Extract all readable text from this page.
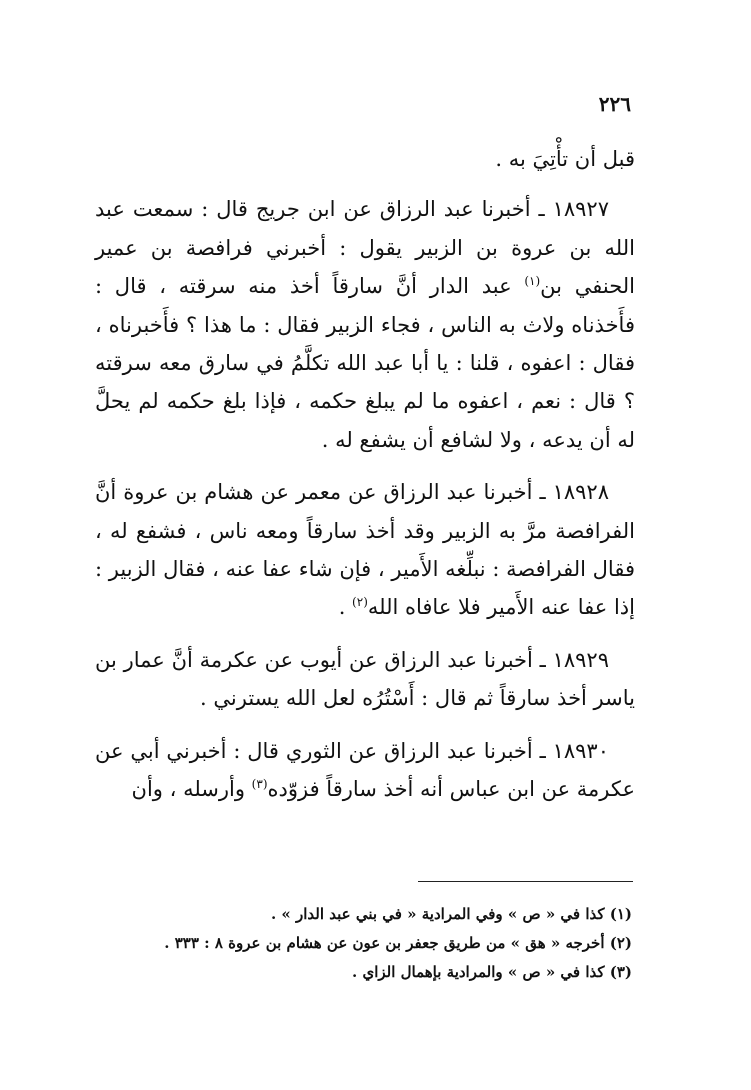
٢٢٦

قبل أن تأْتِيَ به .

١٨٩٢٧ ـ أخبرنا عبد الرزاق عن ابن جريج قال : سمعت عبد الله بن عروة بن الزبير يقول : أخبرني فرافصة بن عمير الحنفي بن$^{(١)}$ عبد الدار أنَّ سارقاً أخذ منه سرقته ، قال : فأَخذناه ولاث به الناس ، فجاء الزبير فقال : ما هذا ؟ فأَخبرناه ، فقال : اعفوه ، قلنا : يا أبا عبد الله تكلَّمُ في سارق معه سرقته ؟ قال : نعم ، اعفوه ما لم يبلغ حكمه ، فإذا بلغ حكمه لم يحلَّ له أن يدعه ، ولا لشافع أن يشفع له .

١٨٩٢٨ ـ أخبرنا عبد الرزاق عن معمر عن هشام بن عروة أنَّ الفرافصة مرَّ به الزبير وقد أخذ سارقاً ومعه ناس ، فشفع له ، فقال الفرافصة : نبلِّغه الأَمير ، فإن شاء عفا عنه ، فقال الزبير : إذا عفا عنه الأَمير فلا عافاه الله$^{(٢)}$ .

١٨٩٢٩ ـ أخبرنا عبد الرزاق عن أيوب عن عكرمة أنَّ عمار بن ياسر أخذ سارقاً ثم قال : أَسْتُرُه لعل الله يسترني .

١٨٩٣٠ ـ أخبرنا عبد الرزاق عن الثوري قال : أخبرني أبي عن عكرمة عن ابن عباس أنه أخذ سارقاً فزوّده$^{(٣)}$ وأرسله ، وأن

(١) كذا في « ص » وفي المرادية « في بني عبد الدار » .

(٢) أخرجه « هق » من طريق جعفر بن عون عن هشام بن عروة ٨ : ٣٣٣ .

(٣) كذا في « ص » والمرادية بإهمال الزاي .
